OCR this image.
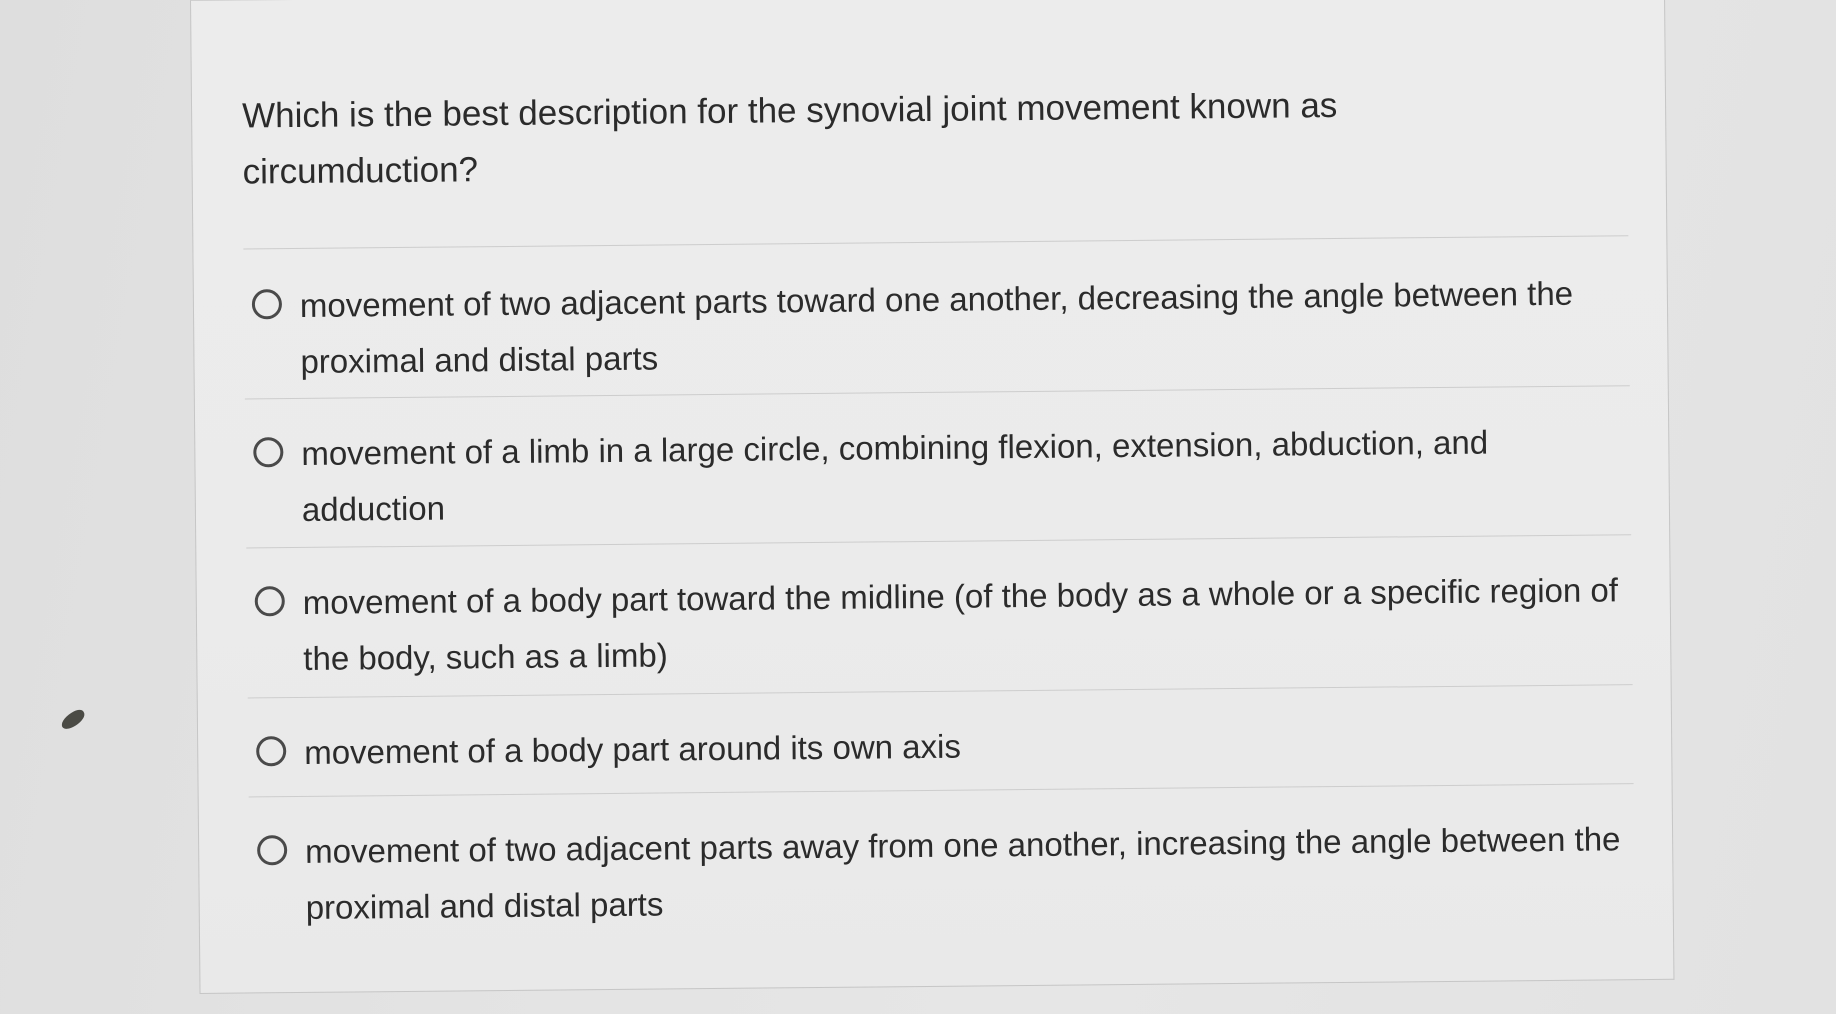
Which is the best description for the synovial joint movement known as circumduction?
movement of two adjacent parts toward one another, decreasing the angle between the proximal and distal parts
movement of a limb in a large circle, combining flexion, extension, abduction, and adduction
movement of a body part toward the midline (of the body as a whole or a specific region of the body, such as a limb)
movement of a body part around its own axis
movement of two adjacent parts away from one another, increasing the angle between the proximal and distal parts
